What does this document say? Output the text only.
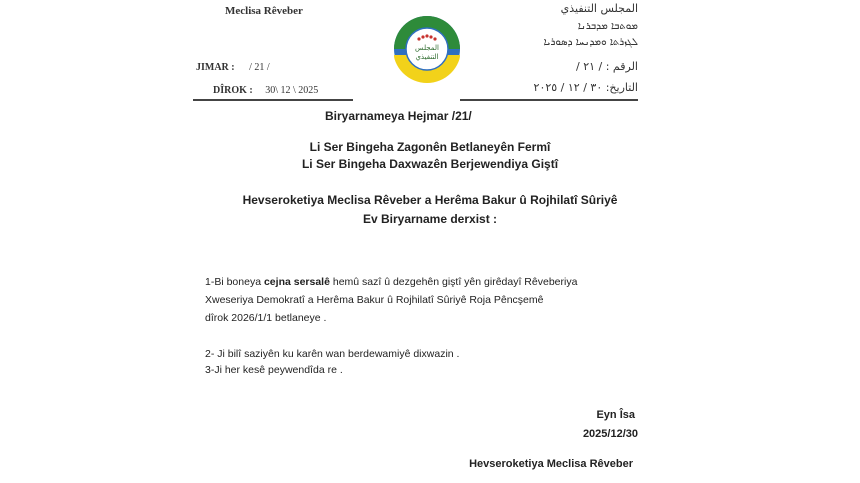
Meclisa Rêveber
JIMAR : / 21 /
DÎROK : 30\ 12 \ 2025
المجلس التنفيذي
ܡܘܬܒܐ ܡܕܒܪܢܐ
ܠܓܙܪܬܐ ܘܡܕܢܚܐ ܕܣܘܪܝܐ
الرقم : / ٢١ /
التاريخ: ٣٠ / ١٢ / ٢٠٢٥
المجلس التنفيذي
Biryarnameya Hejmar /21/
Li Ser Bingeha Zagonên Betlaneyên Fermî
Li Ser Bingeha Daxwazên Berjewendiya Giştî
Hevseroketiya Meclisa Rêveber a Herêma Bakur û Rojhilatî Sûriyê
Ev Biryarname derxist :
1-Bi boneya cejna sersalê hemû sazî û dezgehên giştî yên girêdayî Rêveberiya
Xweseriya Demokratî a Herêma Bakur û Rojhilatî Sûriyê Roja Pêncşemê
dîrok 2026/1/1 betlaneye .
2- Ji bilî saziyên ku karên wan berdewamiyê dixwazin .
3-Ji her kesê peywendîda re .
Eyn Îsa
2025/12/30
Hevseroketiya Meclisa Rêveber
